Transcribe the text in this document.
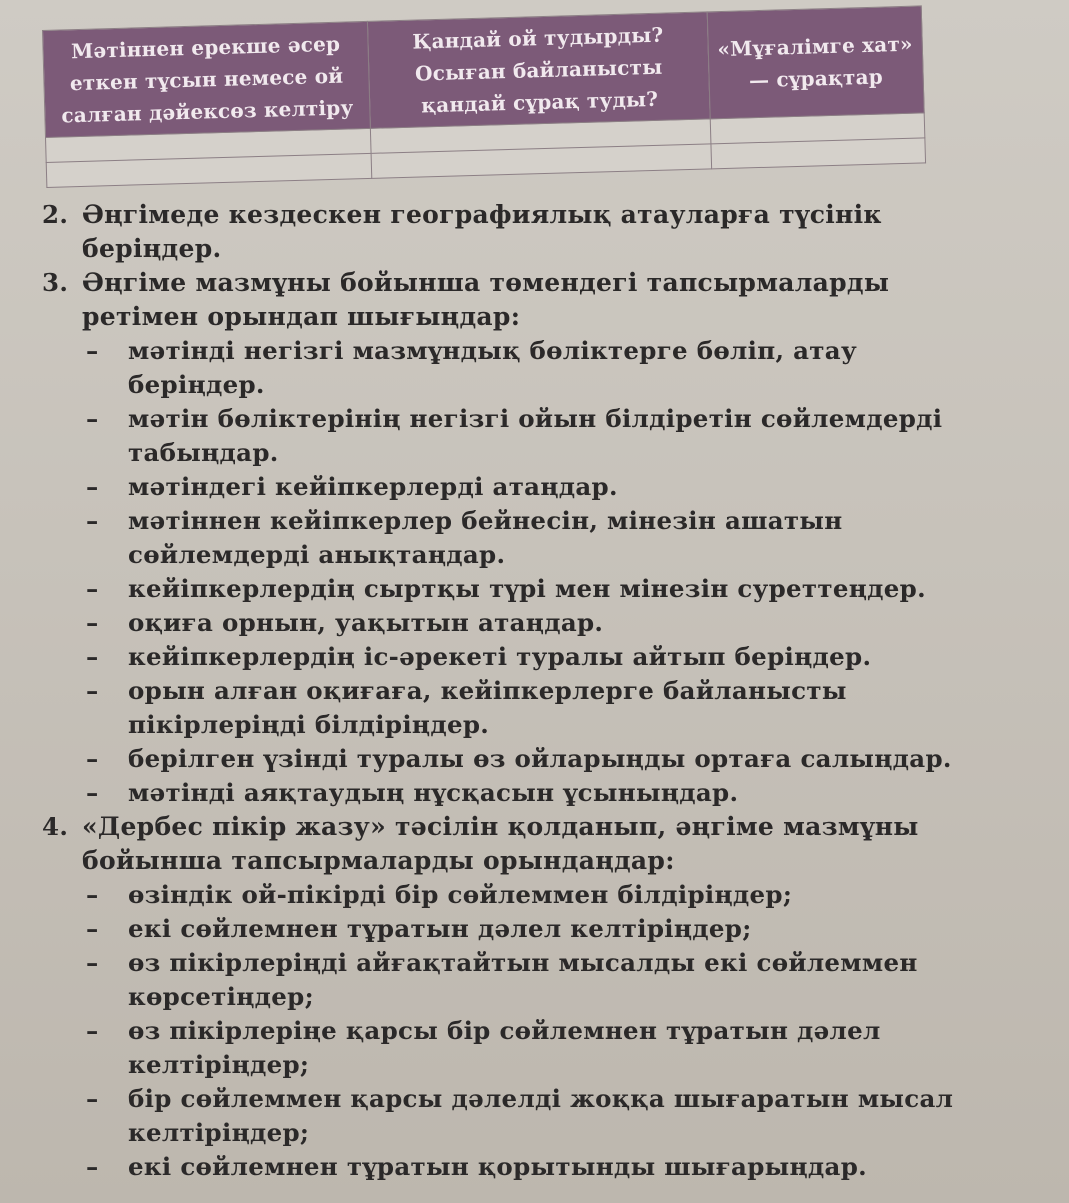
Мәтіннен ерекше әсер еткен тұсын немесе ой салған дәйексөз келтіру	Қандай ой тудырды? Осыған байланысты қандай сұрақ туды?	«Мұғалімге хат» — сұрақтар

2. Әңгімеде кездескен географиялық атауларға түсінік беріңдер.
3. Әңгіме мазмұны бойынша төмендегі тапсырмаларды ретімен орындап шығыңдар:
– мәтінді негізгі мазмұндық бөліктерге бөліп, атау беріңдер.
– мәтін бөліктерінің негізгі ойын білдіретін сөйлемдерді табыңдар.
– мәтіндегі кейіпкерлерді атаңдар.
– мәтіннен кейіпкерлер бейнесін, мінезін ашатын сөйлемдерді анықтаңдар.
– кейіпкерлердің сыртқы түрі мен мінезін суреттеңдер.
– оқиға орнын, уақытын атаңдар.
– кейіпкерлердің іс-әрекеті туралы айтып беріңдер.
– орын алған оқиғаға, кейіпкерлерге байланысты пікірлеріңді білдіріңдер.
– берілген үзінді туралы өз ойларыңды ортаға салыңдар.
– мәтінді аяқтаудың нұсқасын ұсыныңдар.
4. «Дербес пікір жазу» тәсілін қолданып, әңгіме мазмұны бойынша тапсырмаларды орындаңдар:
– өзіндік ой-пікірді бір сөйлеммен білдіріңдер;
– екі сөйлемнен тұратын дәлел келтіріңдер;
– өз пікірлеріңді айғақтайтын мысалды екі сөйлеммен көрсетіңдер;
– өз пікірлеріңе қарсы бір сөйлемнен тұратын дәлел келтіріңдер;
– бір сөйлеммен қарсы дәлелді жоққа шығаратын мысал келтіріңдер;
– екі сөйлемнен тұратын қорытынды шығарыңдар.
